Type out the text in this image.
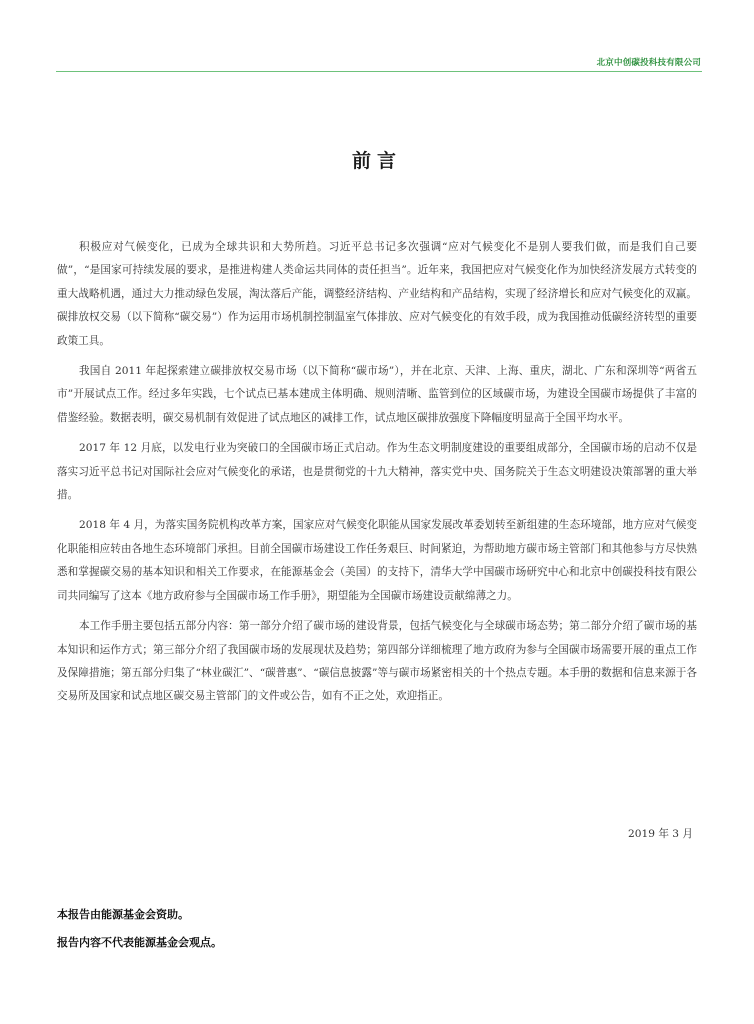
北京中创碳投科技有限公司
前言

积极应对气候变化，已成为全球共识和大势所趋。习近平总书记多次强调“应对气候变化不是别人要我们做，而是我们自己要做”，“是国家可持续发展的要求，是推进构建人类命运共同体的责任担当”。近年来，我国把应对气候变化作为加快经济发展方式转变的重大战略机遇，通过大力推动绿色发展，淘汰落后产能，调整经济结构、产业结构和产品结构，实现了经济增长和应对气候变化的双赢。碳排放权交易（以下简称“碳交易”）作为运用市场机制控制温室气体排放、应对气候变化的有效手段，成为我国推动低碳经济转型的重要政策工具。

我国自 2011 年起探索建立碳排放权交易市场（以下简称“碳市场”），并在北京、天津、上海、重庆，湖北、广东和深圳等“两省五市”开展试点工作。经过多年实践，七个试点已基本建成主体明确、规则清晰、监管到位的区域碳市场，为建设全国碳市场提供了丰富的借鉴经验。数据表明，碳交易机制有效促进了试点地区的减排工作，试点地区碳排放强度下降幅度明显高于全国平均水平。

2017 年 12 月底，以发电行业为突破口的全国碳市场正式启动。作为生态文明制度建设的重要组成部分，全国碳市场的启动不仅是落实习近平总书记对国际社会应对气候变化的承诺，也是贯彻党的十九大精神，落实党中央、国务院关于生态文明建设决策部署的重大举措。

2018 年 4 月，为落实国务院机构改革方案，国家应对气候变化职能从国家发展改革委划转至新组建的生态环境部，地方应对气候变化职能相应转由各地生态环境部门承担。目前全国碳市场建设工作任务艰巨、时间紧迫，为帮助地方碳市场主管部门和其他参与方尽快熟悉和掌握碳交易的基本知识和相关工作要求，在能源基金会（美国）的支持下，清华大学中国碳市场研究中心和北京中创碳投科技有限公司共同编写了这本《地方政府参与全国碳市场工作手册》，期望能为全国碳市场建设贡献绵薄之力。

本工作手册主要包括五部分内容：第一部分介绍了碳市场的建设背景，包括气候变化与全球碳市场态势；第二部分介绍了碳市场的基本知识和运作方式；第三部分介绍了我国碳市场的发展现状及趋势；第四部分详细梳理了地方政府为参与全国碳市场需要开展的重点工作及保障措施；第五部分归集了“林业碳汇”、“碳普惠”、“碳信息披露”等与碳市场紧密相关的十个热点专题。本手册的数据和信息来源于各交易所及国家和试点地区碳交易主管部门的文件或公告，如有不正之处，欢迎指正。

2019 年 3 月
本报告由能源基金会资助。
报告内容不代表能源基金会观点。
